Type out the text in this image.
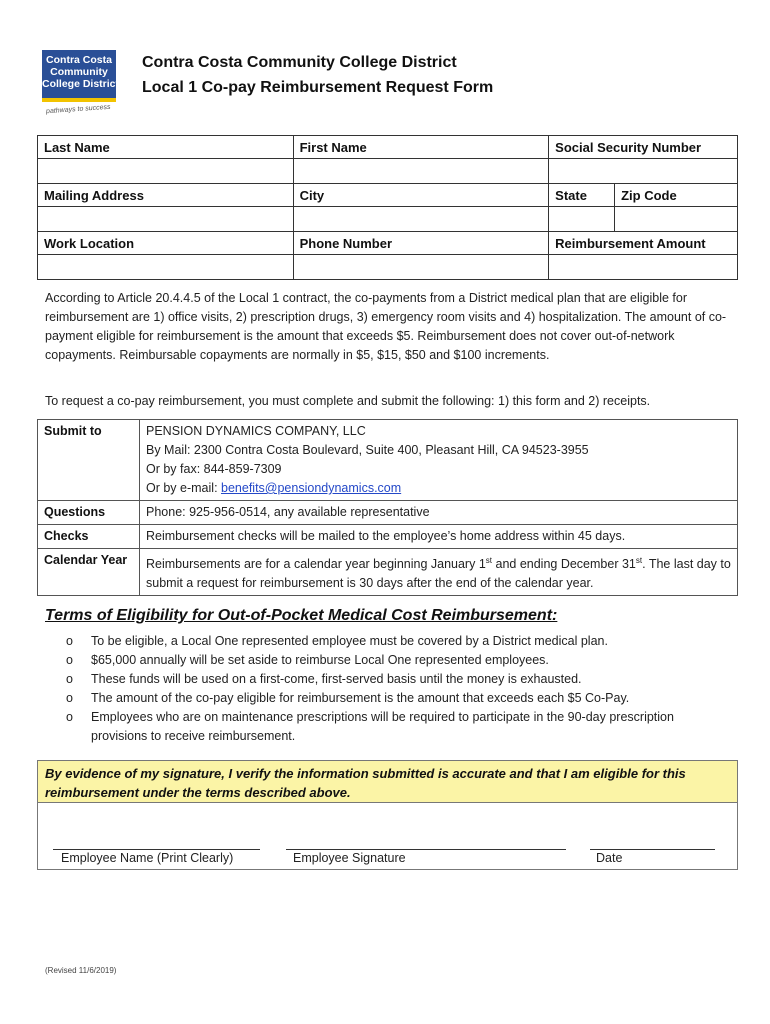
Contra Costa
Community
College District
pathways to success
Contra Costa Community College District
Local 1 Co-pay Reimbursement Request Form
Last Name	First Name	Social Security Number	

Mailing Address	City	State	Zip Code

Work Location	Phone Number	Reimbursement Amount	

According to Article 20.4.4.5 of the Local 1 contract, the co-payments from a District medical plan that are eligible for reimbursement are 1) office visits, 2) prescription drugs, 3) emergency room visits and 4) hospitalization. The amount of co-payment eligible for reimbursement is the amount that exceeds $5. Reimbursement does not cover out-of-network copayments. Reimbursable copayments are normally in $5, $15, $50 and $100 increments.
To request a co-pay reimbursement, you must complete and submit the following: 1) this form and 2) receipts.
Submit to	PENSION DYNAMICS COMPANY, LLC
By Mail: 2300 Contra Costa Boulevard, Suite 400, Pleasant Hill, CA 94523-3955
Or by fax: 844-859-7309
Or by e-mail: benefits@pensiondynamics.com

Questions	Phone: 925-956-0514, any available representative
Checks	Reimbursement checks will be mailed to the employee’s home address within 45 days.
Calendar Year	Reimbursements are for a calendar year beginning January 1st and ending December 31st. The last day to submit a request for reimbursement is 30 days after the end of the calendar year.
Terms of Eligibility for Out-of-Pocket Medical Cost Reimbursement:
o To be eligible, a Local One represented employee must be covered by a District medical plan.
o $65,000 annually will be set aside to reimburse Local One represented employees.
o These funds will be used on a first-come, first-served basis until the money is exhausted.
o The amount of the co-pay eligible for reimbursement is the amount that exceeds each $5 Co-Pay.
o Employees who are on maintenance prescriptions will be required to participate in the 90-day prescription provisions to receive reimbursement.
By evidence of my signature, I verify the information submitted is accurate and that I am eligible for this reimbursement under the terms described above.
Employee Name (Print Clearly)	Employee Signature	Date
(Revised 11/6/2019)
